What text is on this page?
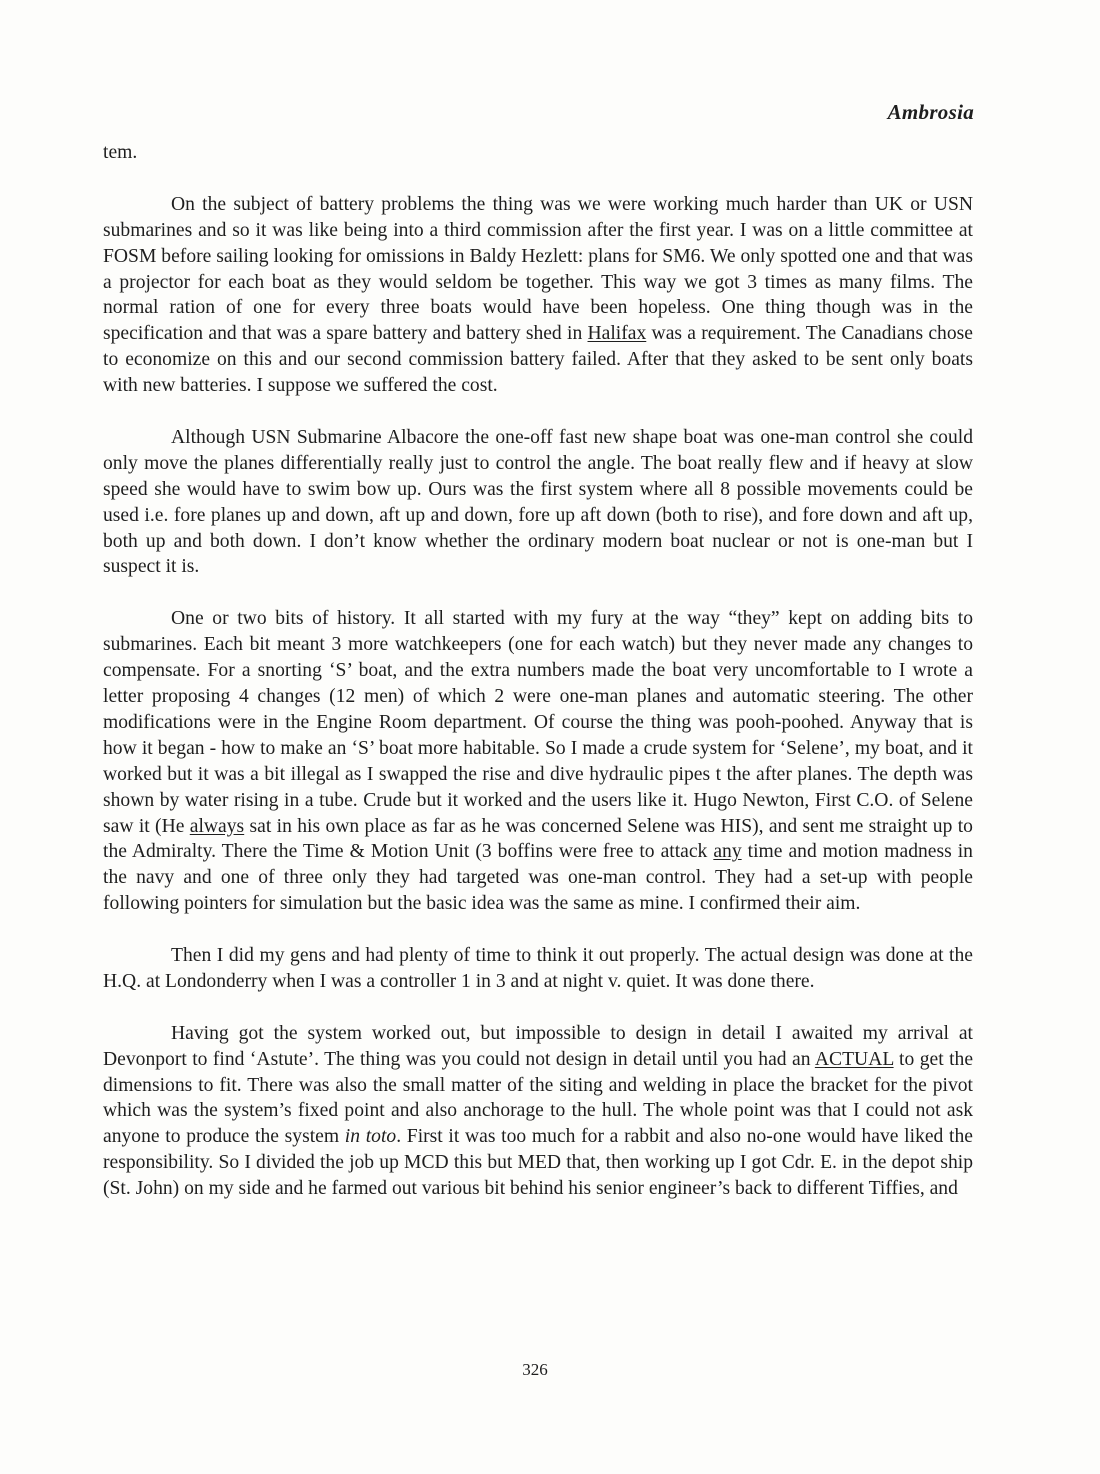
Ambrosia

tem.

On the subject of battery problems the thing was we were working much harder than UK or USN submarines and so it was like being into a third commission after the first year. I was on a little committee at FOSM before sailing looking for omissions in Baldy Hezlett: plans for SM6. We only spotted one and that was a projector for each boat as they would seldom be together. This way we got 3 times as many films. The normal ration of one for every three boats would have been hopeless. One thing though was in the specification and that was a spare battery and battery shed in Halifax was a requirement. The Canadians chose to economize on this and our second commission battery failed. After that they asked to be sent only boats with new batteries. I suppose we suffered the cost.

Although USN Submarine Albacore the one-off fast new shape boat was one-man control she could only move the planes differentially really just to control the angle. The boat really flew and if heavy at slow speed she would have to swim bow up. Ours was the first system where all 8 possible movements could be used i.e. fore planes up and down, aft up and down, fore up aft down (both to rise), and fore down and aft up, both up and both down. I don’t know whether the ordinary modern boat nuclear or not is one-man but I suspect it is.

One or two bits of history. It all started with my fury at the way “they” kept on adding bits to submarines. Each bit meant 3 more watchkeepers (one for each watch) but they never made any changes to compensate. For a snorting ‘S’ boat, and the extra numbers made the boat very uncomfortable to I wrote a letter proposing 4 changes (12 men) of which 2 were one-man planes and automatic steering. The other modifications were in the Engine Room department. Of course the thing was pooh-poohed. Anyway that is how it began - how to make an ‘S’ boat more habitable. So I made a crude system for ‘Selene’, my boat, and it worked but it was a bit illegal as I swapped the rise and dive hydraulic pipes t the after planes. The depth was shown by water rising in a tube. Crude but it worked and the users like it. Hugo Newton, First C.O. of Selene saw it (He always sat in his own place as far as he was concerned Selene was HIS), and sent me straight up to the Admiralty. There the Time & Motion Unit (3 boffins were free to attack any time and motion madness in the navy and one of three only they had targeted was one-man control. They had a set-up with people following pointers for simulation but the basic idea was the same as mine. I confirmed their aim.

Then I did my gens and had plenty of time to think it out properly. The actual design was done at the H.Q. at Londonderry when I was a controller 1 in 3 and at night v. quiet. It was done there.

Having got the system worked out, but impossible to design in detail I awaited my arrival at Devonport to find ‘Astute’. The thing was you could not design in detail until you had an ACTUAL to get the dimensions to fit. There was also the small matter of the siting and welding in place the bracket for the pivot which was the system’s fixed point and also anchorage to the hull. The whole point was that I could not ask anyone to produce the system in toto. First it was too much for a rabbit and also no-one would have liked the responsibility. So I divided the job up MCD this but MED that, then working up I got Cdr. E. in the depot ship (St. John) on my side and he farmed out various bit behind his senior engineer’s back to different Tiffies, and

326
